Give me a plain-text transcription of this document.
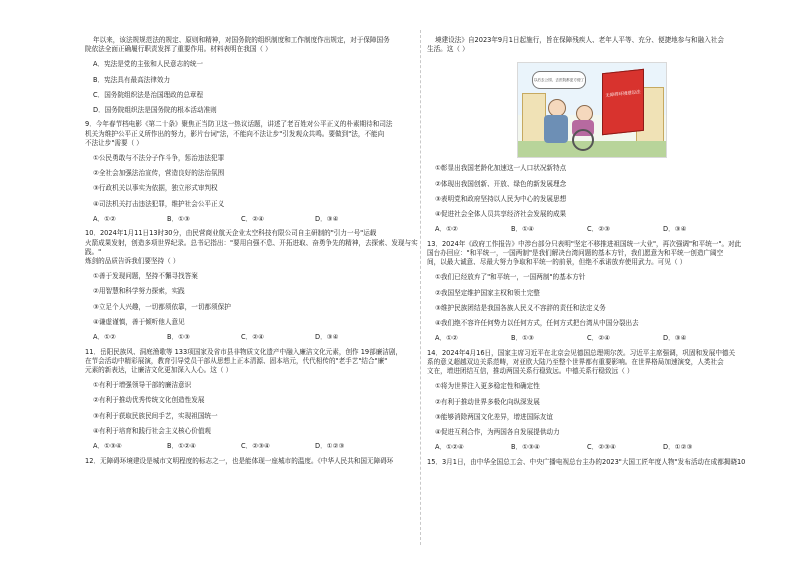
年以来，该法规规范法的规定、原则和精神，对国务院的组织制度和工作制度作出规定，对于保障国务

院依法全面正确履行职责发挥了重要作用。材料表明在我国（ ）

A．宪法是党的主张和人民意志的统一

B．宪法具有最高法律效力

C．国务院组织法是治国理政的总章程

D．国务院组织法是国务院的根本活动准则

9．今年春节档电影《第二十条》聚焦正当防卫这一热议话题，讲述了老百姓对公平正义的朴素期待和司法

机关为维护公平正义所作出的努力，影片台词"法，不能向不法让步"引发观众共鸣。要做到"法，不能向

不法让步"需要（ ）

①公民勇敢与不法分子作斗争，惩治违法犯罪

②全社会加强法治宣传，营造良好的法治氛围

③行政机关以事实为依据，独立形式审判权

④司法机关打击违法犯罪，维护社会公平正义

A．①②	B．①③	C．②④	D．③④

10．2024年1月11日13时30分，由民营商业航天企业太空科技有限公司自主研制的"引力一号"运载

火箭成果发射，创造多项世界纪录。总书记指出："要用自强不息、开拓进取、奋勇争先的精神，去探索、发现与实践。"

炼剑的品质告诉我们要坚持（ ）

①善于发现问题，坚持不懈寻找答案

②用智慧和科学努力探索，实践

③立足个人兴趣，一切都须依靠，一切都须保护

④谦虚谨慎，善于倾听他人意见

A．①②	B．①③	C．②④	D．③④

11．岳阳民族风、洞庭渔歌等 133项国家及省市县非物质文化遗产中融入廉洁文化元素，创作 19部廉洁剧，

在节会活动中精彩展演，教育引导党员干部从思想上正本清源、固本培元，代代相传的"老手艺"结合"廉"

元素的新表达，让廉洁文化更加深入人心。这（ ）

①有利于增强领导干部的廉洁意识

②有利于推动优秀传统文化创造性发展

③有利于获取民族民间手艺，实现祖国统一

④有利于培育和践行社会主义核心价值观

A．①③④	B．①②④	C．②③④	D．①②③

12．无障碍环境建设是城市文明程度的标志之一，也是能体现一座城市的温度。《中华人民共和国无障碍环

境建设法》自2023年9月1日起施行，旨在保障残疾人、老年人平等、充分、便捷地参与和融入社会

生活。这（ ）

以后去公园，去医院都更方便了
无障碍环境建设法

①彰显出我国老龄化加速这一人口状况新特点

②体现出我国创新、开放、绿色的新发展理念

③表明党和政府坚持以人民为中心的发展思想

④促进社会全体人员共享经济社会发展的成果

A．①②	B．①④	C．②③	D．③④

13．2024年《政府工作报告》中涉台部分只表明"坚定不移推进祖国统一大业"，再次强调"和平统一"。对此

国台办回应："和平统一，一国两制"是我们解决台湾问题的基本方针，我们愿意为和平统一创造广阔空

间，以最大诚意、尽最大努力争取和平统一的前景，但绝不承诺放弃使用武力。可见（ ）

①我们已经放弃了"和平统一，一国两制"的基本方针

②我国坚定维护国家主权和领土完整

③维护民族团结是我国各族人民义不容辞的责任和法定义务

④我们绝不容许任何势力以任何方式，任何方式把台湾从中国分裂出去

A．①②	B．①③	C．②④	D．③④

14．2024年4月16日，国家主席习近平在北京会见德国总理朔尔茨。习近平主席强调，巩固和发展中德关

系的意义超越双边关系范畴，对亚欧大陆乃至整个世界都有重要影响。在世界格局加速演变，人类社会

文在，增进团结互信，推动两国关系行稳致远。中德关系行稳致远（ ）

①将为世界注入更多稳定性和确定性

②有利于推动世界多极化向纵深发展

③能够消除两国文化差异，增进国际友谊

④促进互利合作，为两国各自发展提供动力

A．①②④	B．①③④	C．②③④	D．①②③

15．3月1日，由中华全国总工会、中央广播电视总台主办的2023"大国工匠年度人物"发布活动在成都揭晓10
